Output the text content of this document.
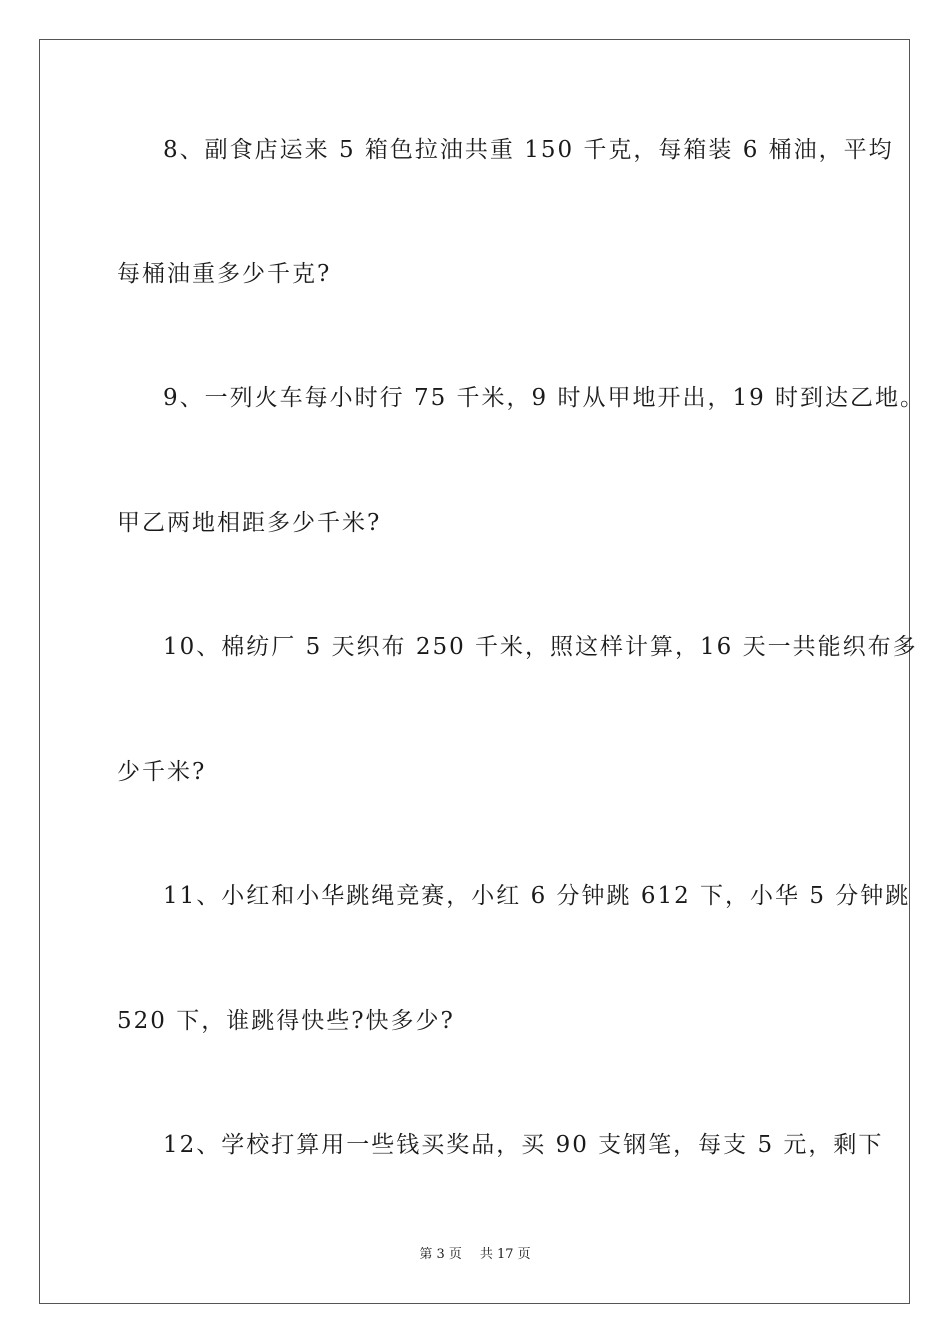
8、副食店运来 5 箱色拉油共重 150 千克，每箱装 6 桶油，平均
每桶油重多少千克?
9、一列火车每小时行 75 千米，9 时从甲地开出，19 时到达乙地。
甲乙两地相距多少千米?
10、棉纺厂 5 天织布 250 千米，照这样计算，16 天一共能织布多
少千米?
11、小红和小华跳绳竞赛，小红 6 分钟跳 612 下，小华 5 分钟跳
520 下，谁跳得快些?快多少?
12、学校打算用一些钱买奖品，买 90 支钢笔，每支 5 元，剩下
第 3 页 共 17 页
